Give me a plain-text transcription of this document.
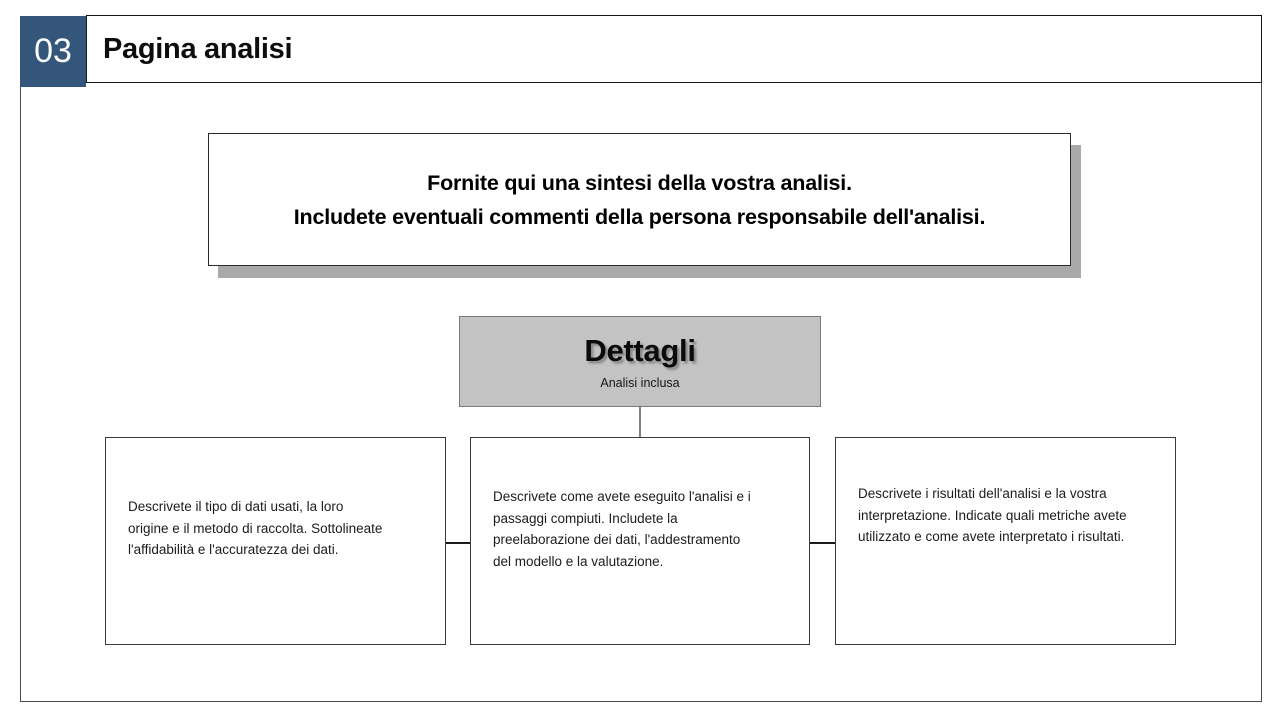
Pagina analisi
03
Fornite qui una sintesi della vostra analisi.
Includete eventuali commenti della persona responsabile dell'analisi.
Dettagli
Analisi inclusa
Descrivete il tipo di dati usati, la loro
origine e il metodo di raccolta. Sottolineate
l'affidabilità e l'accuratezza dei dati.
Descrivete come avete eseguito l'analisi e i
passaggi compiuti. Includete la
preelaborazione dei dati, l'addestramento
del modello e la valutazione.
Descrivete i risultati dell'analisi e la vostra
interpretazione. Indicate quali metriche avete
utilizzato e come avete interpretato i risultati.
